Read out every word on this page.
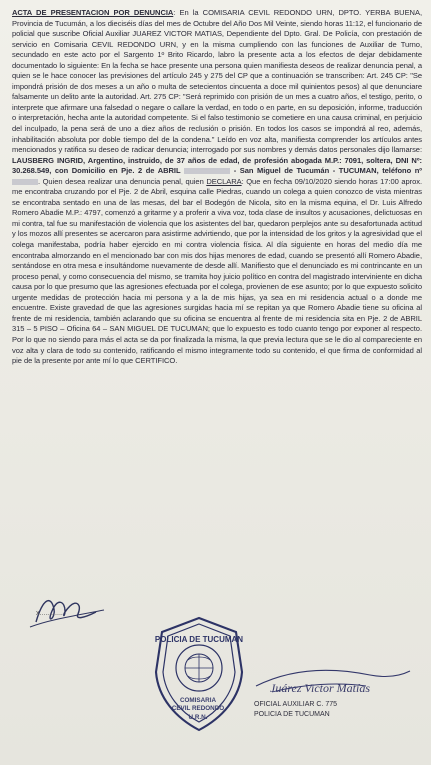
ACTA DE PRESENTACION POR DENUNCIA: En la COMISARIA CEVIL REDONDO URN, DPTO. YERBA BUENA, Provincia de Tucumán, a los dieciséis días del mes de Octubre del Año Dos Mil Veinte, siendo horas 11:12, el funcionario de policial que suscribe Oficial Auxiliar JUAREZ VICTOR MATIAS, Dependiente del Dpto. Gral. De Policía, con prestación de servicio en Comisaria CEVIL REDONDO URN, y en la misma cumpliendo con las funciones de Auxiliar de Turno, secundado en este acto por el Sargento 1º Brito Ricardo, labro la presente acta a los efectos de dejar debidamente documentado lo siguiente: En la fecha se hace presente una persona quien manifiesta deseos de realizar denuncia penal, a quien se le hace conocer las previsiones del artículo 245 y 275 del CP que a continuación se transcriben: Art. 245 CP: "Se impondrá prisión de dos meses a un año o multa de setecientos cincuenta a doce mil quinientos pesos) al que denunciare falsamente un delito ante la autoridad. Art. 275 CP: "Será reprimido con prisión de un mes a cuatro años, el testigo, perito, o interprete que afirmare una falsedad o negare o callare la verdad, en todo o en parte, en su deposición, informe, traducción o interpretación, hecha ante la autoridad competente. Si el falso testimonio se cometiere en una causa criminal, en perjuicio del inculpado, la pena será de uno a diez años de reclusión o prisión. En todos los casos se impondrá al reo, además, inhabilitación absoluta por doble tiempo del de la condena." Leído en voz alta, manifiesta comprender los artículos antes mencionados y ratifica su deseo de radicar denuncia; interrogado por sus nombres y demás datos personales dijo llamarse: LAUSBERG INGRID, Argentino, instruido, de 37 años de edad, de profesión abogada M.P.: 7091, soltera, DNI Nº: 30.268.549, con Domicilio en Pje. 2 de ABRIL	- San Miguel de Tucumán - TUCUMAN, teléfono nº . Quien desea realizar una denuncia penal, quien DECLARA: Que en fecha 09/10/2020 siendo horas 17:00 aprox. me encontraba cruzando por el Pje. 2 de Abril, esquina calle Piedras, cuando un colega a quien conozco de vista mientras se encontraba sentado en una de las mesas, del bar el Bodegón de Nicola, sito en la misma equina, el Dr. Luis Alfredo Romero Abadie M.P.: 4797, comenzó a gritarme y a proferir a viva voz, toda clase de insultos y acusaciones, delictuosas en mi contra, tal fue su manifestación de violencia que los asistentes del bar, quedaron perplejos ante su desafortunada actitud y los mozos allí presentes se acercaron para asistirme advirtiendo, que por la intensidad de los gritos y la agresividad que el colega manifestaba, podría haber ejercido en mi contra violencia física. Al día siguiente en horas del medio día me encontraba almorzando en el mencionado bar con mis dos hijas menores de edad, cuando se presentó allí Romero Abadie, sentándose en otra mesa e insultándome nuevamente de desde allí. Manifiesto que el denunciado es mi contrincante en un proceso penal, y como consecuencia del mismo, se tramita hoy juicio político en contra del magistrado interviniente en dicha causa por lo que presumo que las agresiones efectuada por el colega, provienen de ese asunto; por lo que expuesto solicito urgente medidas de protección hacia mi persona y a la de mis hijas, ya sea en mi residencia actual o a donde me encuentre. Existe gravedad de que las agresiones surgidas hacia mí se repitan ya que Romero Abadie tiene su oficina al frente de mi residencia, también aclarando que su oficina se encuentra al frente de mi residencia sita en Pje. 2 de ABRIL 315 – 5 PISO – Oficina 64 – SAN MIGUEL DE TUCUMAN; que lo expuesto es todo cuanto tengo por exponer al respecto. Por lo que no siendo para más el acta se da por finalizada la misma, la que previa lectura que se le dio al compareciente en voz alta y clara de todo su contenido, ratificando el mismo integramente todo su contenido, el que firma de conformidad al pie de la presente por ante mí lo que CERTIFICO.

x............
POLICIA DE TUCUMAN
COMISARIA
CEVIL REDONDO
U.R.N.
Juárez Victor Matías
OFICIAL AUXILIAR C. 775
POLICIA DE TUCUMAN
